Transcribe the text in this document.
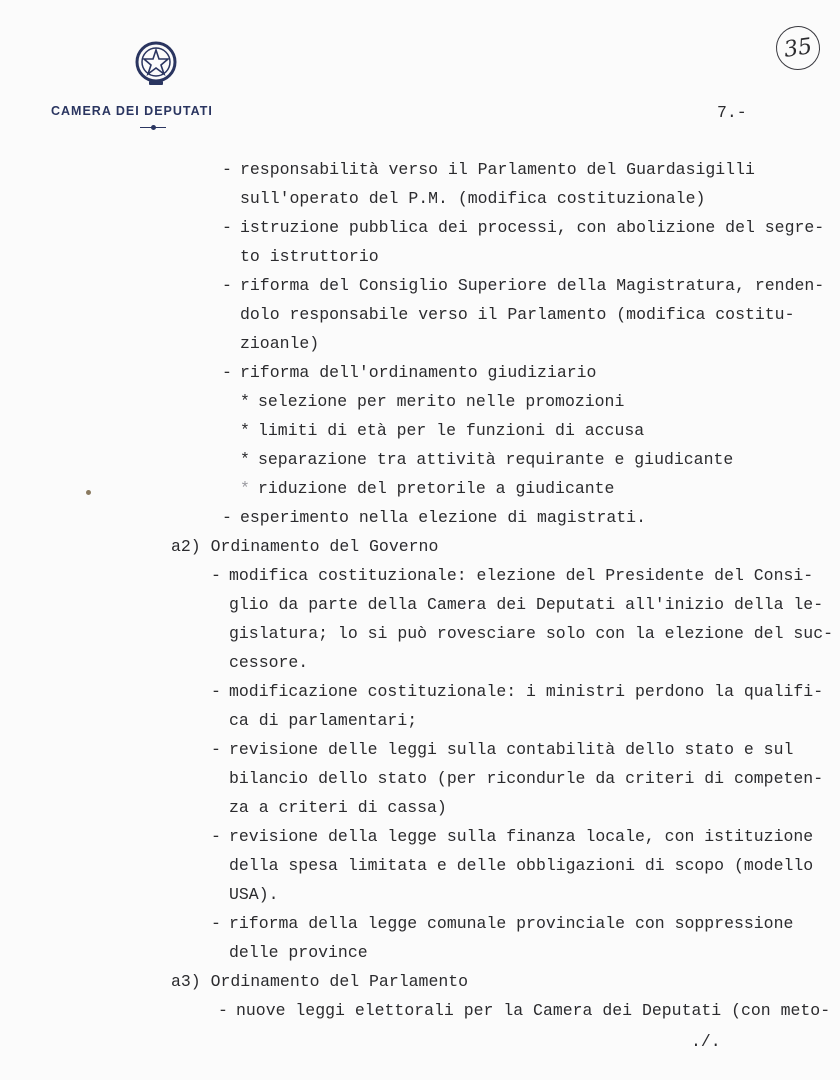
CAMERA DEI DEPUTATI	7.-
35
- responsabilità verso il Parlamento del Guardasigilli
sull'operato del P.M. (modifica costituzionale)
- istruzione pubblica dei processi, con abolizione del segre-
to istruttorio
- riforma del Consiglio Superiore della Magistratura, renden-
dolo responsabile verso il Parlamento (modifica costitu-
zioanle)
- riforma dell'ordinamento giudiziario
* selezione per merito nelle promozioni
* limiti di età per le funzioni di accusa
* separazione tra attività requirante e giudicante
* riduzione del pretorile a giudicante
- esperimento nella elezione di magistrati.
a2) Ordinamento del Governo
- modifica costituzionale: elezione del Presidente del Consi-
glio da parte della Camera dei Deputati all'inizio della le-
gislatura; lo si può rovesciare solo con la elezione del suc-
cessore.
- modificazione costituzionale: i ministri perdono la qualifi-
ca di parlamentari;
- revisione delle leggi sulla contabilità dello stato e sul
bilancio dello stato (per ricondurle da criteri di competen-
za a criteri di cassa)
- revisione della legge sulla finanza locale, con istituzione
della spesa limitata e delle obbligazioni di scopo (modello
USA).
- riforma della legge comunale provinciale con soppressione
delle province
a3) Ordinamento del Parlamento
- nuove leggi elettorali per la Camera dei Deputati (con meto-
./.
